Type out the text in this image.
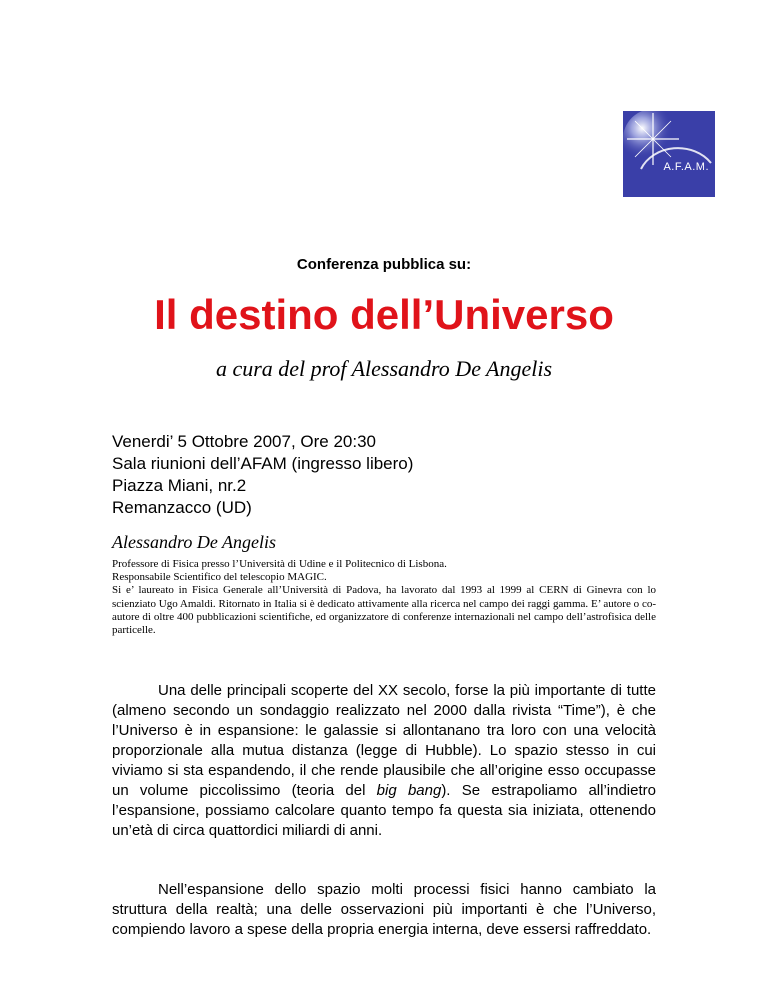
A.F.A.M.
Conferenza pubblica su:
Il destino dell’Universo
a cura del prof Alessandro De Angelis
Venerdi’ 5 Ottobre 2007, Ore 20:30
Sala riunioni dell’AFAM (ingresso libero)
Piazza Miani, nr.2
Remanzacco (UD)
Alessandro De Angelis

Professore di Fisica presso l’Università di Udine e il Politecnico di Lisbona.

Responsabile Scientifico del telescopio MAGIC.

Si e’ laureato in Fisica Generale all’Università di Padova, ha lavorato dal 1993 al 1999 al CERN di Ginevra con lo scienziato Ugo Amaldi. Ritornato in Italia si è dedicato attivamente alla ricerca nel campo dei raggi gamma. E’ autore o co-autore di oltre 400 pubblicazioni scientifiche, ed organizzatore di conferenze internazionali nel campo dell’astrofisica delle particelle.

Una delle principali scoperte del XX secolo, forse la più importante di tutte (almeno secondo un sondaggio realizzato nel 2000 dalla rivista “Time”), è che l’Universo è in espansione: le galassie si allontanano tra loro con una velocità proporzionale alla mutua distanza (legge di Hubble). Lo spazio stesso in cui viviamo si sta espandendo, il che rende plausibile che all’origine esso occupasse un volume piccolissimo (teoria del big bang). Se estrapoliamo all’indietro l’espansione, possiamo calcolare quanto tempo fa questa sia iniziata, ottenendo un’età di circa quattordici miliardi di anni.

Nell’espansione dello spazio molti processi fisici hanno cambiato la struttura della realtà; una delle osservazioni più importanti è che l’Universo, compiendo lavoro a spese della propria energia interna, deve essersi raffreddato.
